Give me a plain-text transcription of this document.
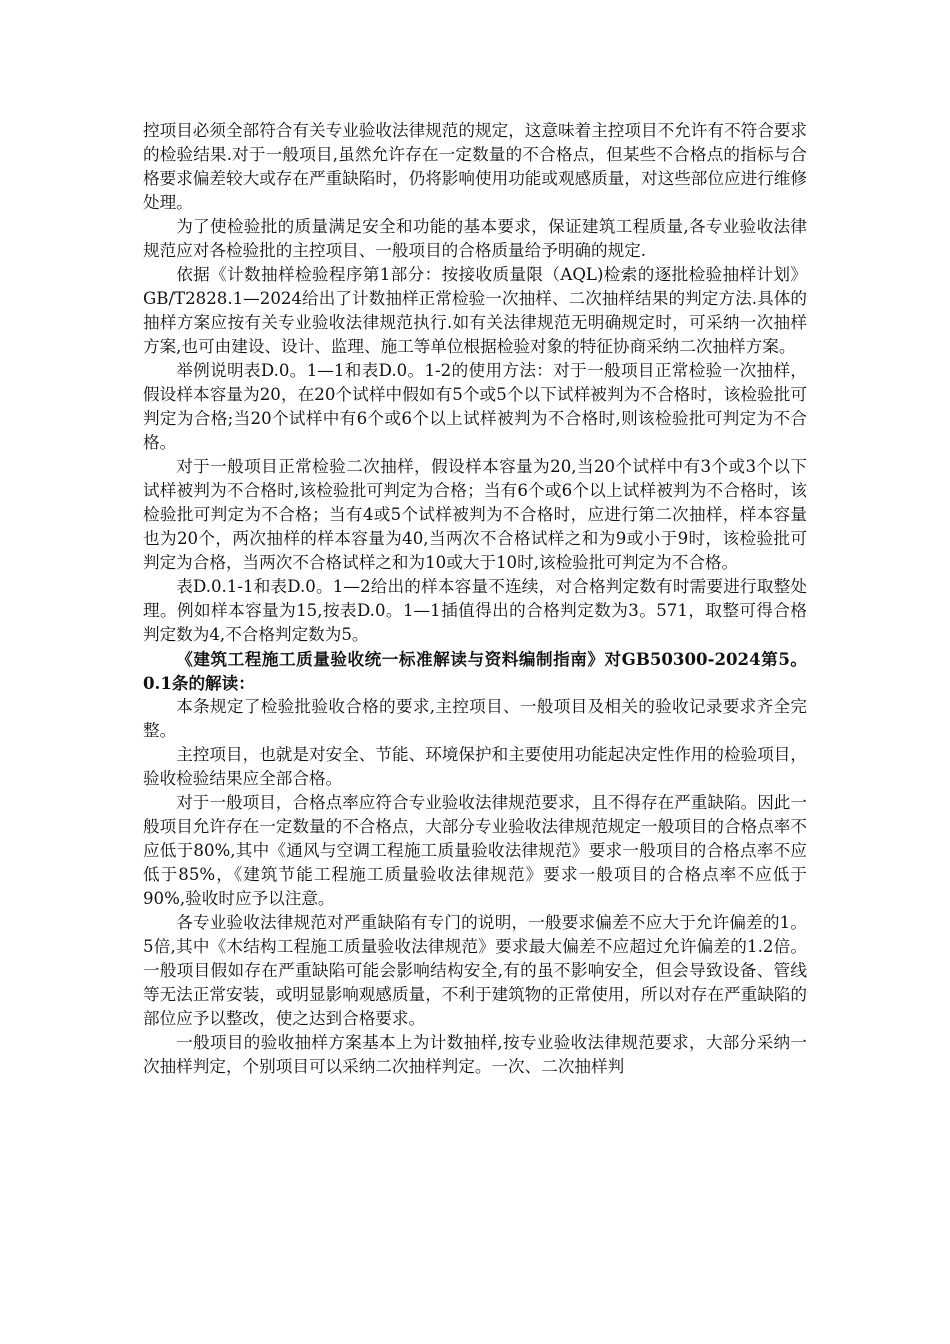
控项目必须全部符合有关专业验收法律规范的规定，这意味着主控项目不允许有不符合要求的检验结果.对于一般项目,虽然允许存在一定数量的不合格点，但某些不合格点的指标与合格要求偏差较大或存在严重缺陷时，仍将影响使用功能或观感质量，对这些部位应进行维修处理。

为了使检验批的质量满足安全和功能的基本要求，保证建筑工程质量,各专业验收法律规范应对各检验批的主控项目、一般项目的合格质量给予明确的规定.

依据《计数抽样检验程序第1部分：按接收质量限（AQL)检索的逐批检验抽样计划》GB/T2828.1—2024给出了计数抽样正常检验一次抽样、二次抽样结果的判定方法.具体的抽样方案应按有关专业验收法律规范执行.如有关法律规范无明确规定时，可采纳一次抽样方案,也可由建设、设计、监理、施工等单位根据检验对象的特征协商采纳二次抽样方案。

举例说明表D.0。1—1和表D.0。1-2的使用方法：对于一般项目正常检验一次抽样，假设样本容量为20，在20个试样中假如有5个或5个以下试样被判为不合格时，该检验批可判定为合格;当20个试样中有6个或6个以上试样被判为不合格时,则该检验批可判定为不合格。

对于一般项目正常检验二次抽样，假设样本容量为20,当20个试样中有3个或3个以下试样被判为不合格时,该检验批可判定为合格；当有6个或6个以上试样被判为不合格时，该检验批可判定为不合格；当有4或5个试样被判为不合格时，应进行第二次抽样，样本容量也为20个，两次抽样的样本容量为40,当两次不合格试样之和为9或小于9时，该检验批可判定为合格，当两次不合格试样之和为10或大于10时,该检验批可判定为不合格。

表D.0.1-1和表D.0。1—2给出的样本容量不连续，对合格判定数有时需要进行取整处理。例如样本容量为15,按表D.0。1—1插值得出的合格判定数为3。571，取整可得合格判定数为4,不合格判定数为5。

《建筑工程施工质量验收统一标准解读与资料编制指南》对GB50300-2024第5。0.1条的解读：

本条规定了检验批验收合格的要求,主控项目、一般项目及相关的验收记录要求齐全完整。

主控项目，也就是对安全、节能、环境保护和主要使用功能起决定性作用的检验项目，验收检验结果应全部合格。

对于一般项目，合格点率应符合专业验收法律规范要求，且不得存在严重缺陷。因此一般项目允许存在一定数量的不合格点，大部分专业验收法律规范规定一般项目的合格点率不应低于80%,其中《通风与空调工程施工质量验收法律规范》要求一般项目的合格点率不应低于85%，《建筑节能工程施工质量验收法律规范》要求一般项目的合格点率不应低于90%,验收时应予以注意。

各专业验收法律规范对严重缺陷有专门的说明，一般要求偏差不应大于允许偏差的1。5倍,其中《木结构工程施工质量验收法律规范》要求最大偏差不应超过允许偏差的1.2倍。一般项目假如存在严重缺陷可能会影响结构安全,有的虽不影响安全，但会导致设备、管线等无法正常安装，或明显影响观感质量，不利于建筑物的正常使用，所以对存在严重缺陷的部位应予以整改，使之达到合格要求。

一般项目的验收抽样方案基本上为计数抽样,按专业验收法律规范要求，大部分采纳一次抽样判定，个别项目可以采纳二次抽样判定。一次、二次抽样判
